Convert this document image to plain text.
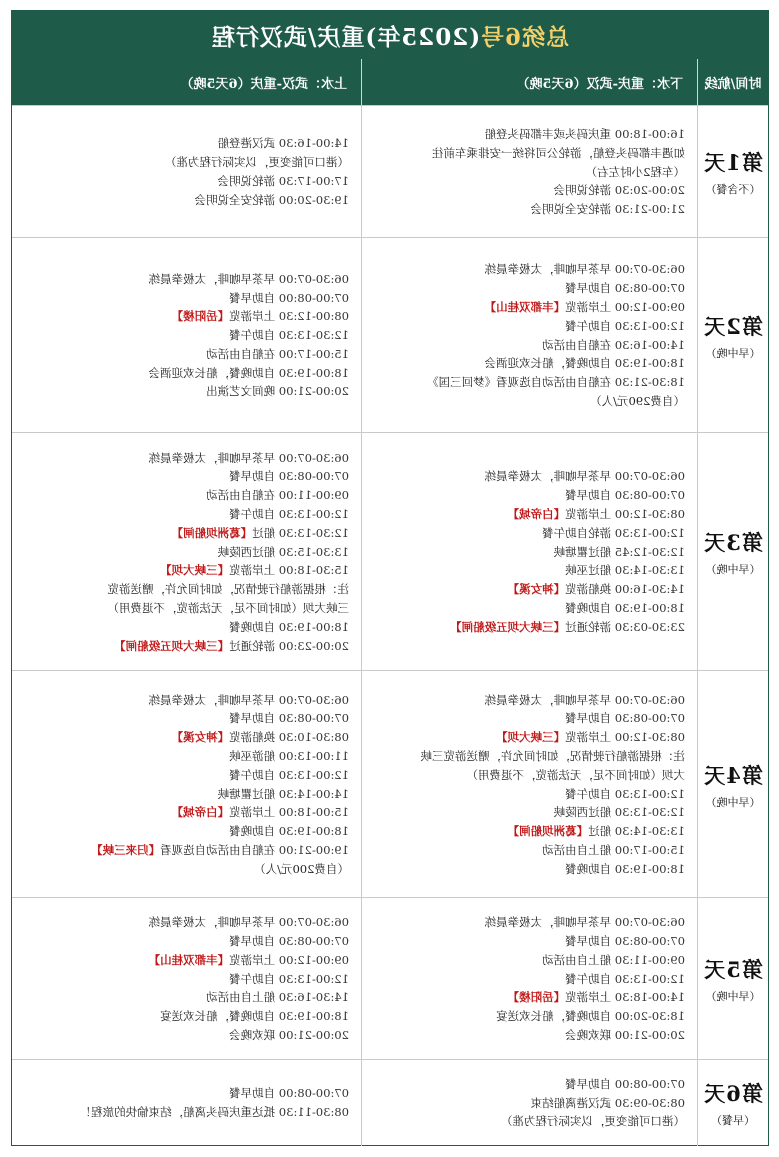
总统6号
(2025年)重庆/武汉行程
时间/航线
下水：重庆-武汉（6天5晚）
上水：武汉-重庆（6天5晚）
第1天
（不含餐）
16:00-18:00 重庆码头或丰都码头登船
如遇丰都码头登船，游轮公司将统一安排乘车前往
（车程2小时左右）
20:00-20:30 游轮说明会
21:00-21:30 游轮安全说明会
14:00-16:30 武汉港登船
（港口可能变更，以实际行程为准）
17:00-17:30 游轮说明会
19:30-20:00 游轮安全说明会
第2天
（早中晚）
06:30-07:00 早茶早咖啡，太极拳晨练
07:00-08:30 自助早餐
09:00-12:00 上岸游览【丰都双桂山】
12:00-13:30 自助午餐
14:00-16:30 在船自由活动
18:00-19:30 自助晚餐，船长欢迎酒会
18:30-21:30 在船自由活动自选观看《梦回三国》
（自费290元/人）
06:30-07:00 早茶早咖啡，太极拳晨练
07:00-08:00 自助早餐
08:00-12:30 上岸游览【岳阳楼】
12:30-13:30 自助午餐
15:00-17:00 在船自由活动
18:00-19:30 自助晚餐，船长欢迎酒会
20:00-21:00 晚间文艺演出
第3天
（早中晚）
06:30-07:00 早茶早咖啡，太极拳晨练
07:00-08:30 自助早餐
08:30-12:00 上岸游览【白帝城】
12:00-13:30 游轮自助午餐
12:30-12:45 船过瞿塘峡
13:30-14:30 船过巫峡
14:30-16:00 换船游览【神女溪】
18:00-19:30 自助晚餐
23:30-03:30 游轮通过【三峡大坝五级船闸】
06:30-07:00 早茶早咖啡，太极拳晨练
07:00-08:30 自助早餐
09:00-11:00 在船自由活动
12:00-13:30 自助午餐
12:30-13:30 船过【葛洲坝船闸】
13:30-15:30 船过西陵峡
15:30-18:00 上岸游览【三峡大坝】
注：根据游船行驶情况，如时间允许，赠送游览
三峡大坝（如时间不足，无法游览，不退费用）
18:00-19:30 自助晚餐
20:00-23:00 游轮通过【三峡大坝五级船闸】
第4天
（早中晚）
06:30-07:00 早茶早咖啡，太极拳晨练
07:00-08:30 自助早餐
08:30-12:00 上岸游览【三峡大坝】
注：根据游船行驶情况，如时间允许，赠送游览三峡
大坝（如时间不足，无法游览，不退费用）
12:00-13:30 自助午餐
12:30-13:30 船过西陵峡
13:30-14:30 船过【葛洲坝船闸】
15:00-17:00 船上自由活动
18:00-19:30 自助晚餐
06:30-07:00 早茶早咖啡，太极拳晨练
07:00-08:30 自助早餐
08:30-10:30 换船游览【神女溪】
11:00-13:00 船游巫峡
12:00-13:30 自助午餐
14:00-14:30 船过瞿塘峡
15:00-18:00 上岸游览【白帝城】
18:00-19:30 自助晚餐
19:00-21:00 在船自由活动自选观看【归来三峡】
（自费200元/人）
第5天
（早中晚）
06:30-07:00 早茶早咖啡，太极拳晨练
07:00-08:30 自助早餐
09:00-11:30 船上自由活动
12:00-13:30 自助午餐
14:00-18:30 上岸游览【岳阳楼】
18:30-20:00 自助晚餐，船长欢送宴
20:00-21:00 联欢晚会
06:30-07:00 早茶早咖啡，太极拳晨练
07:00-08:30 自助早餐
09:00-12:00 上岸游览【丰都双桂山】
12:00-13:30 自助午餐
14:30-16:30 船上自由活动
18:00-19:30 自助晚餐，船长欢送宴
20:00-21:00 联欢晚会
第6天
（早餐）
07:00-08:00 自助早餐
08:30-09:30 武汉港离船结束
（港口可能变更，以实际行程为准）
07:00-08:00 自助早餐
08:30-11:30 抵达重庆码头离船，结束愉快的旅程！
